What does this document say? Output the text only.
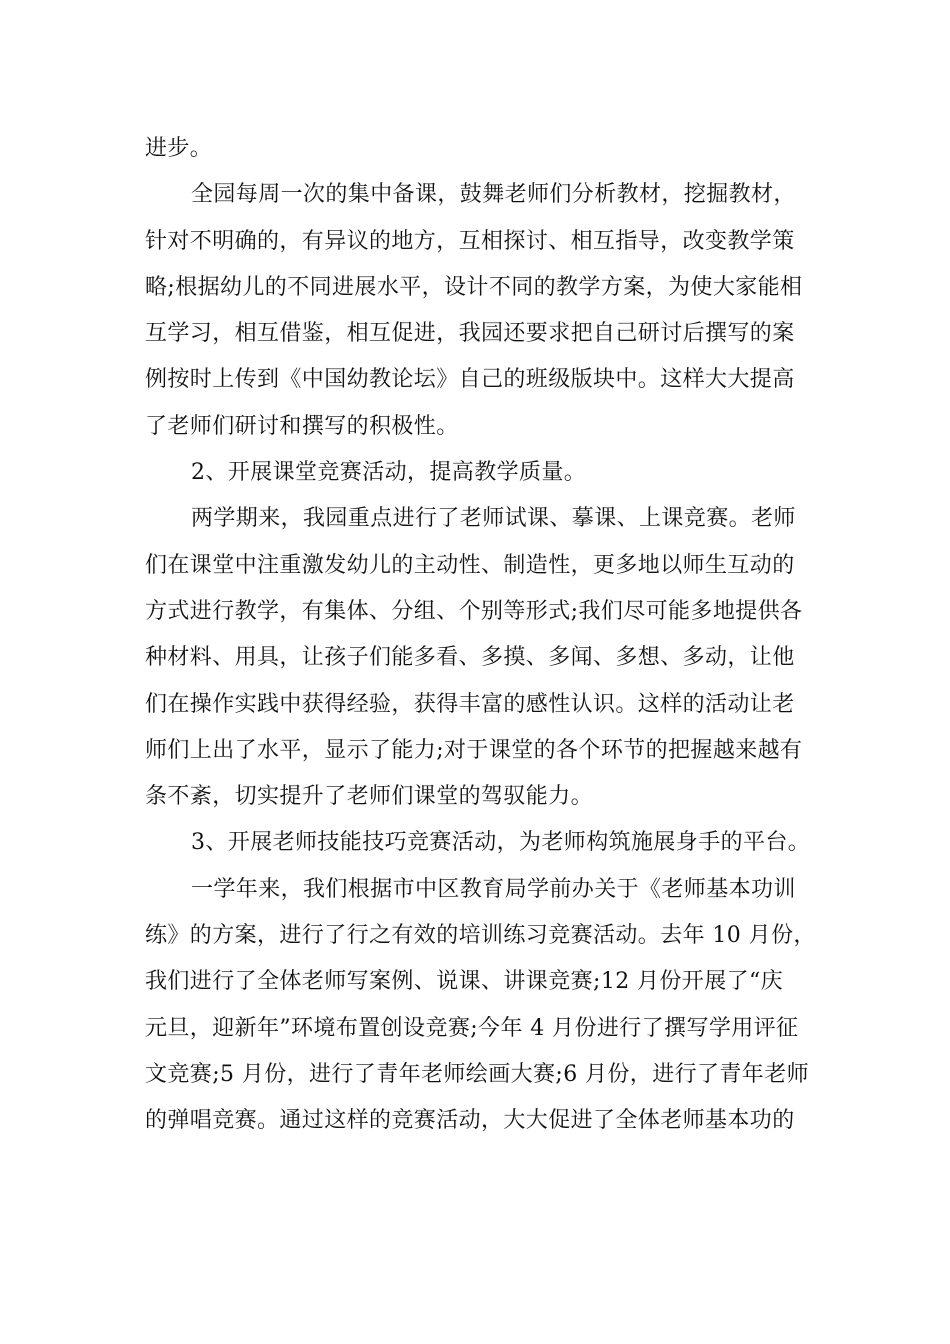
进步。
全园每周一次的集中备课，鼓舞老师们分析教材，挖掘教材，
针对不明确的，有异议的地方，互相探讨、相互指导，改变教学策
略;根据幼儿的不同进展水平，设计不同的教学方案，为使大家能相
互学习，相互借鉴，相互促进，我园还要求把自己研讨后撰写的案
例按时上传到《中国幼教论坛》自己的班级版块中。这样大大提高
了老师们研讨和撰写的积极性。
2、开展课堂竞赛活动，提高教学质量。
两学期来，我园重点进行了老师试课、摹课、上课竞赛。老师
们在课堂中注重激发幼儿的主动性、制造性，更多地以师生互动的
方式进行教学，有集体、分组、个别等形式;我们尽可能多地提供各
种材料、用具，让孩子们能多看、多摸、多闻、多想、多动，让他
们在操作实践中获得经验，获得丰富的感性认识。这样的活动让老
师们上出了水平，显示了能力;对于课堂的各个环节的把握越来越有
条不紊，切实提升了老师们课堂的驾驭能力。
3、开展老师技能技巧竞赛活动，为老师构筑施展身手的平台。
一学年来，我们根据市中区教育局学前办关于《老师基本功训
练》的方案，进行了行之有效的培训练习竞赛活动。去年 10 月份，
我们进行了全体老师写案例、说课、讲课竞赛;12 月份开展了“庆
元旦，迎新年”环境布置创设竞赛;今年 4 月份进行了撰写学用评征
文竞赛;5 月份，进行了青年老师绘画大赛;6 月份，进行了青年老师
的弹唱竞赛。通过这样的竞赛活动，大大促进了全体老师基本功的
